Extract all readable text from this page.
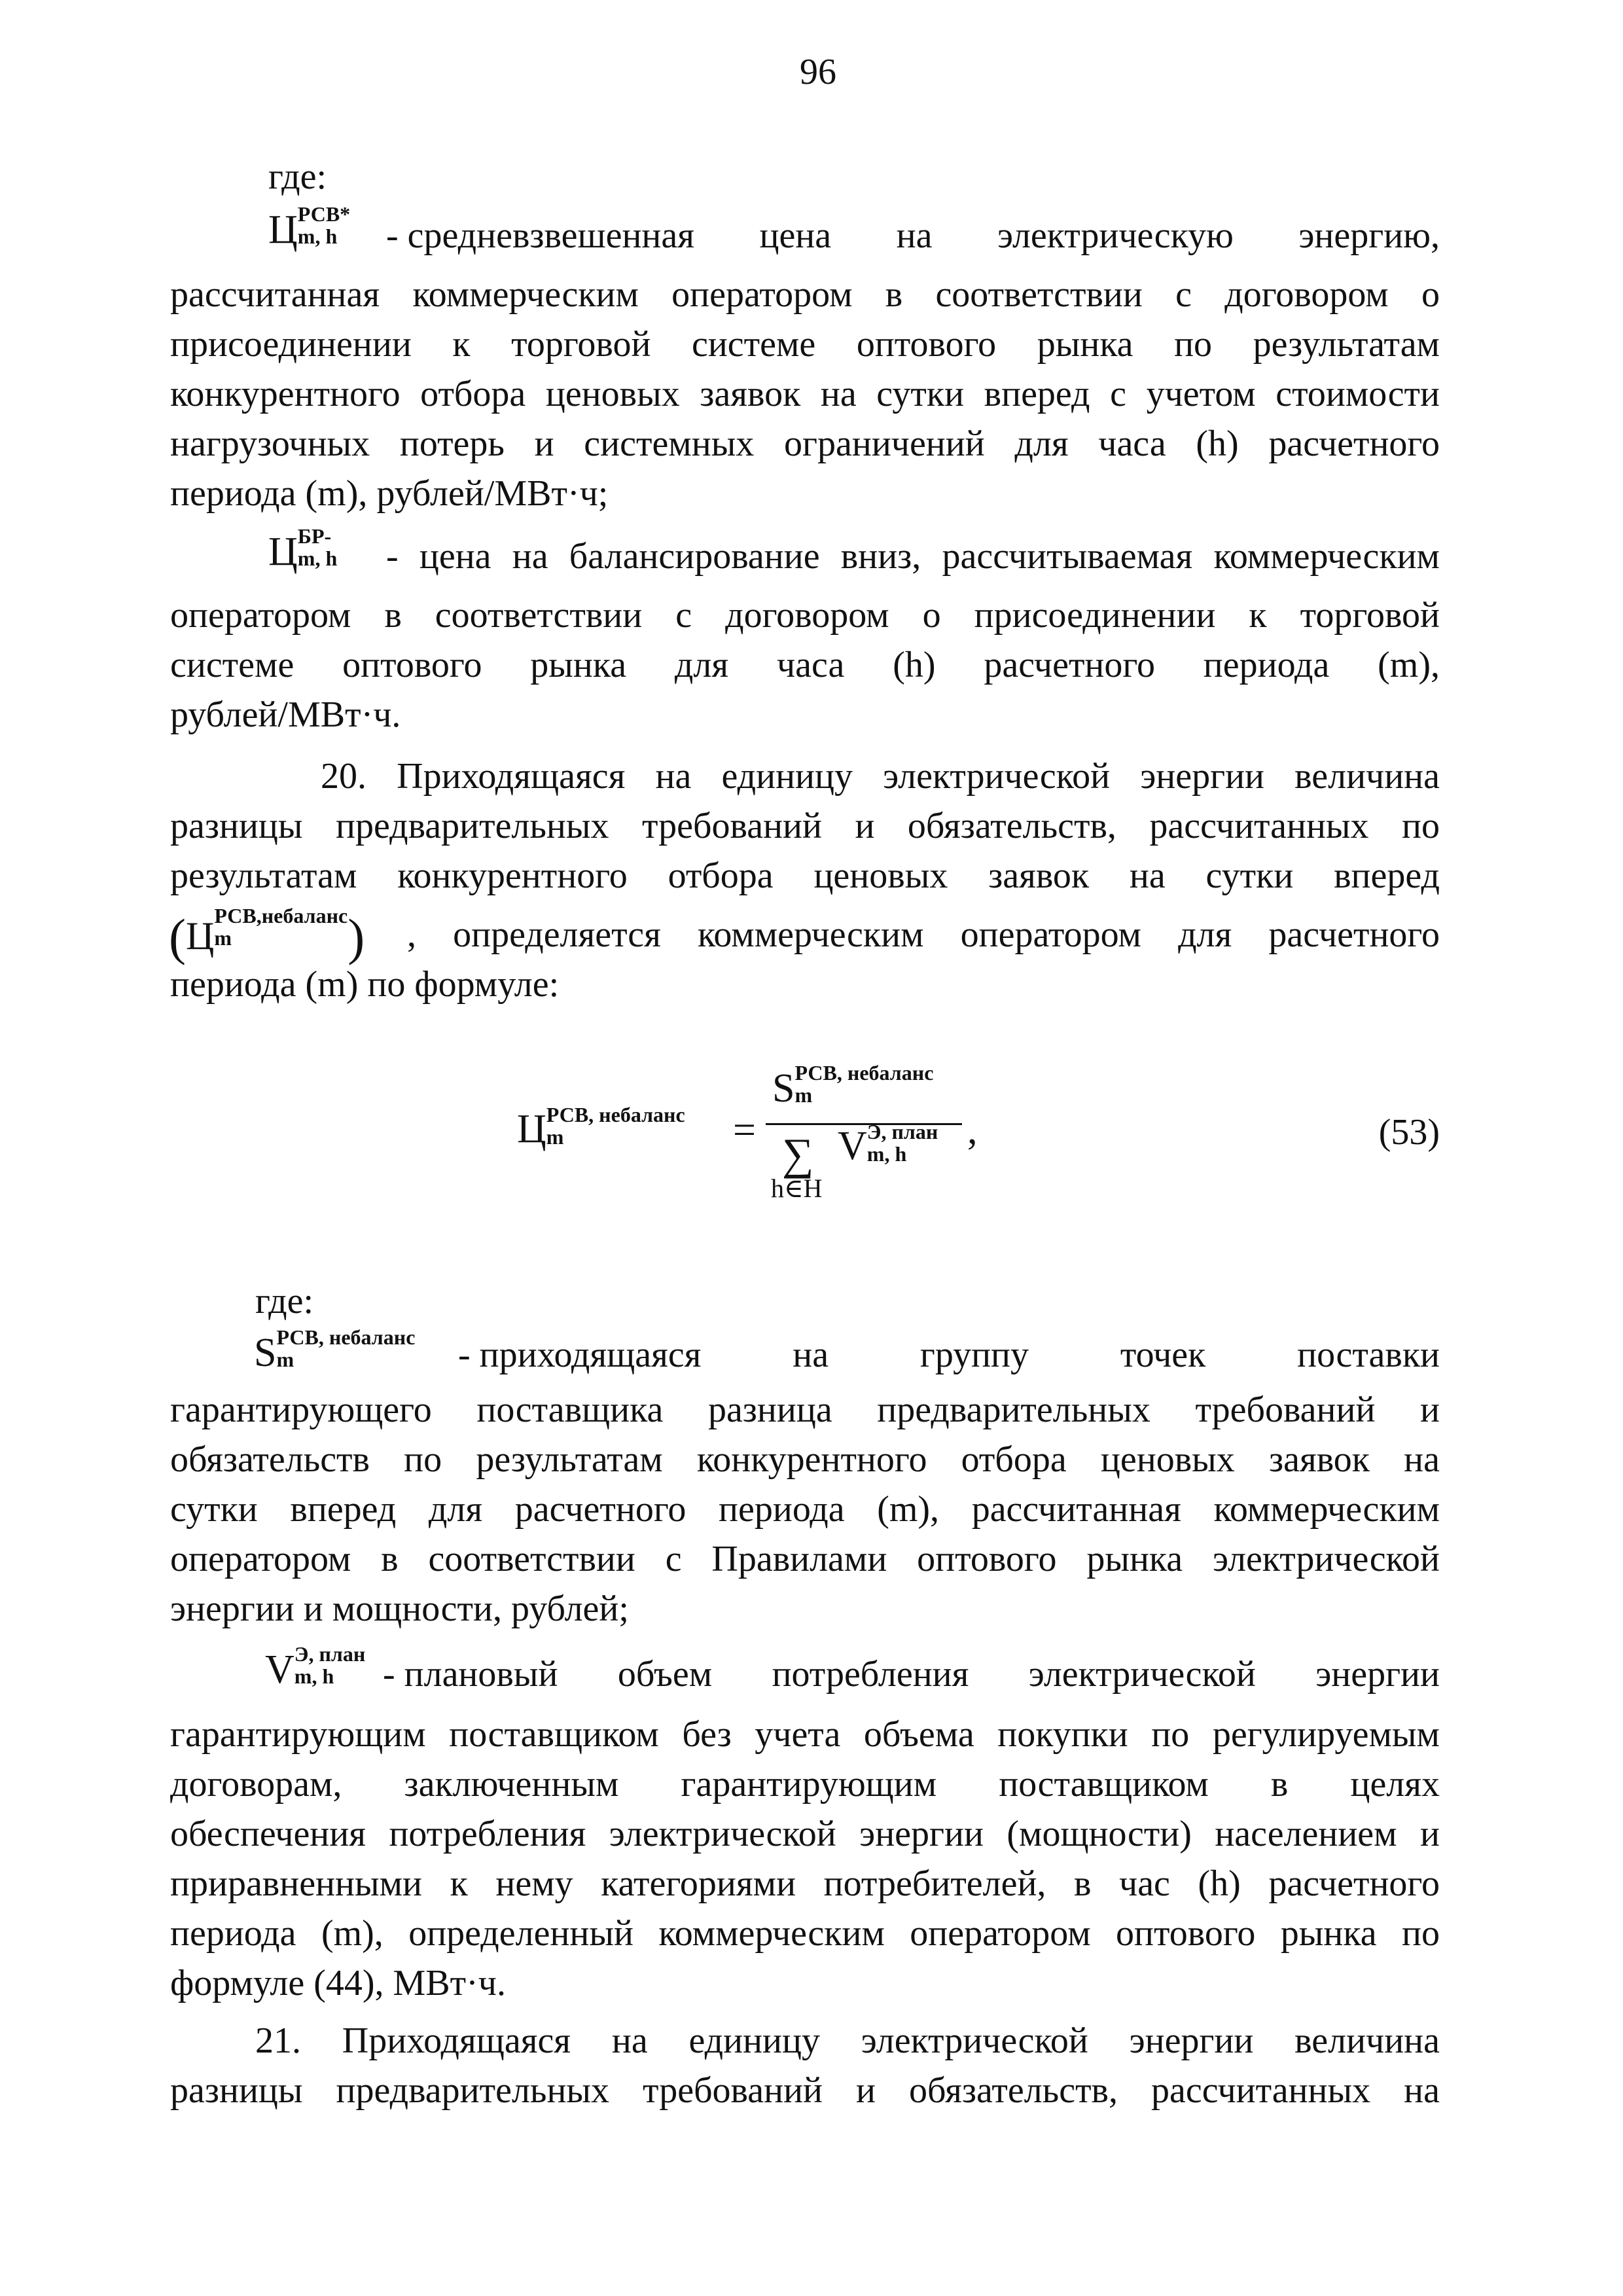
96
где:
Ц РСВ*
m, h	- средневзвешенная цена на электрическую энергию,
рассчитанная коммерческим оператором в соответствии с договором о
присоединении к торговой системе оптового рынка по результатам
конкурентного отбора ценовых заявок на сутки вперед с учетом стоимости
нагрузочных потерь и системных ограничений для часа (h) расчетного
периода (m), рублей/МВт·ч;
Ц БР-
m, h - цена на балансирование вниз, рассчитываемая коммерческим
оператором в соответствии с договором о присоединении к торговой
системе оптового рынка для часа (h) расчетного периода (m),
рублей/МВт·ч.
20. Приходящаяся на единицу электрической энергии величина
разницы предварительных требований и обязательств, рассчитанных по
результатам конкурентного отбора ценовых заявок на сутки вперед
(Ц РСВ,небаланс
m	) , определяется коммерческим оператором для расчетного
периода (m) по формуле:
Ц РСВ, небаланс
m	=
S РСВ, небаланс
m
∑ V Э, план
m, h
h∈H
,	(53)
где:
S РСВ, небаланс
m	- приходящаяся на группу точек поставки
гарантирующего поставщика разница предварительных требований и
обязательств по результатам конкурентного отбора ценовых заявок на
сутки вперед для расчетного периода (m), рассчитанная коммерческим
оператором в соответствии с Правилами оптового рынка электрической
энергии и мощности, рублей;
V Э, план
m, h	- плановый объем потребления электрической энергии
гарантирующим поставщиком без учета объема покупки по регулируемым
договорам, заключенным гарантирующим поставщиком в целях
обеспечения потребления электрической энергии (мощности) населением и
приравненными к нему категориями потребителей, в час (h) расчетного
периода (m), определенный коммерческим оператором оптового рынка по
формуле (44), МВт·ч.
21. Приходящаяся на единицу электрической энергии величина
разницы предварительных требований и обязательств, рассчитанных на
